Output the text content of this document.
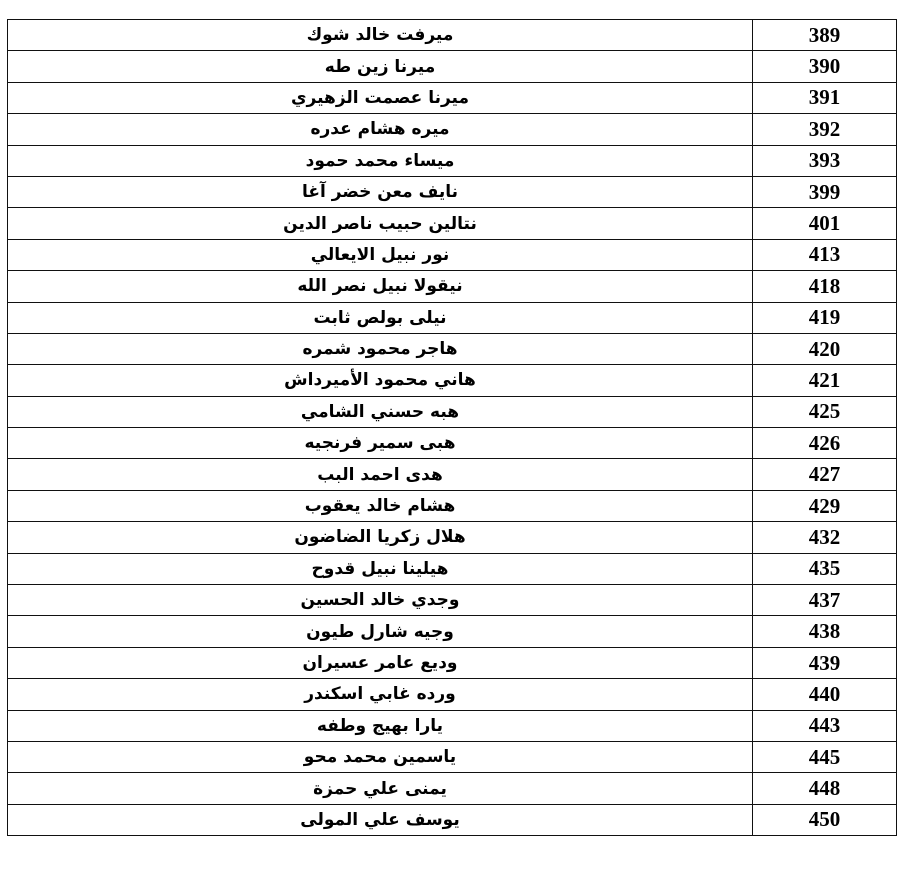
ميرفت خالد شوك	389
ميرنا زين طه	390
ميرنا عصمت الزهيري	391
ميره هشام عدره	392
ميساء محمد حمود	393
نايف معن خضر آغا	399
نتالين حبيب ناصر الدين	401
نور نبيل الايعالي	413
نيقولا نبيل نصر الله	418
نيلى بولص ثابت	419
هاجر محمود شمره	420
هاني محمود الأميرداش	421
هبه حسني الشامي	425
هبى سمير فرنجيه	426
هدى احمد البب	427
هشام خالد يعقوب	429
هلال زكريا الضاضون	432
هيلينا نبيل قدوح	435
وجدي خالد الحسين	437
وجيه شارل طيون	438
وديع عامر عسيران	439
ورده غابي اسكندر	440
يارا بهيج وطفه	443
ياسمين محمد محو	445
يمنى علي حمزة	448
يوسف علي المولى	450
